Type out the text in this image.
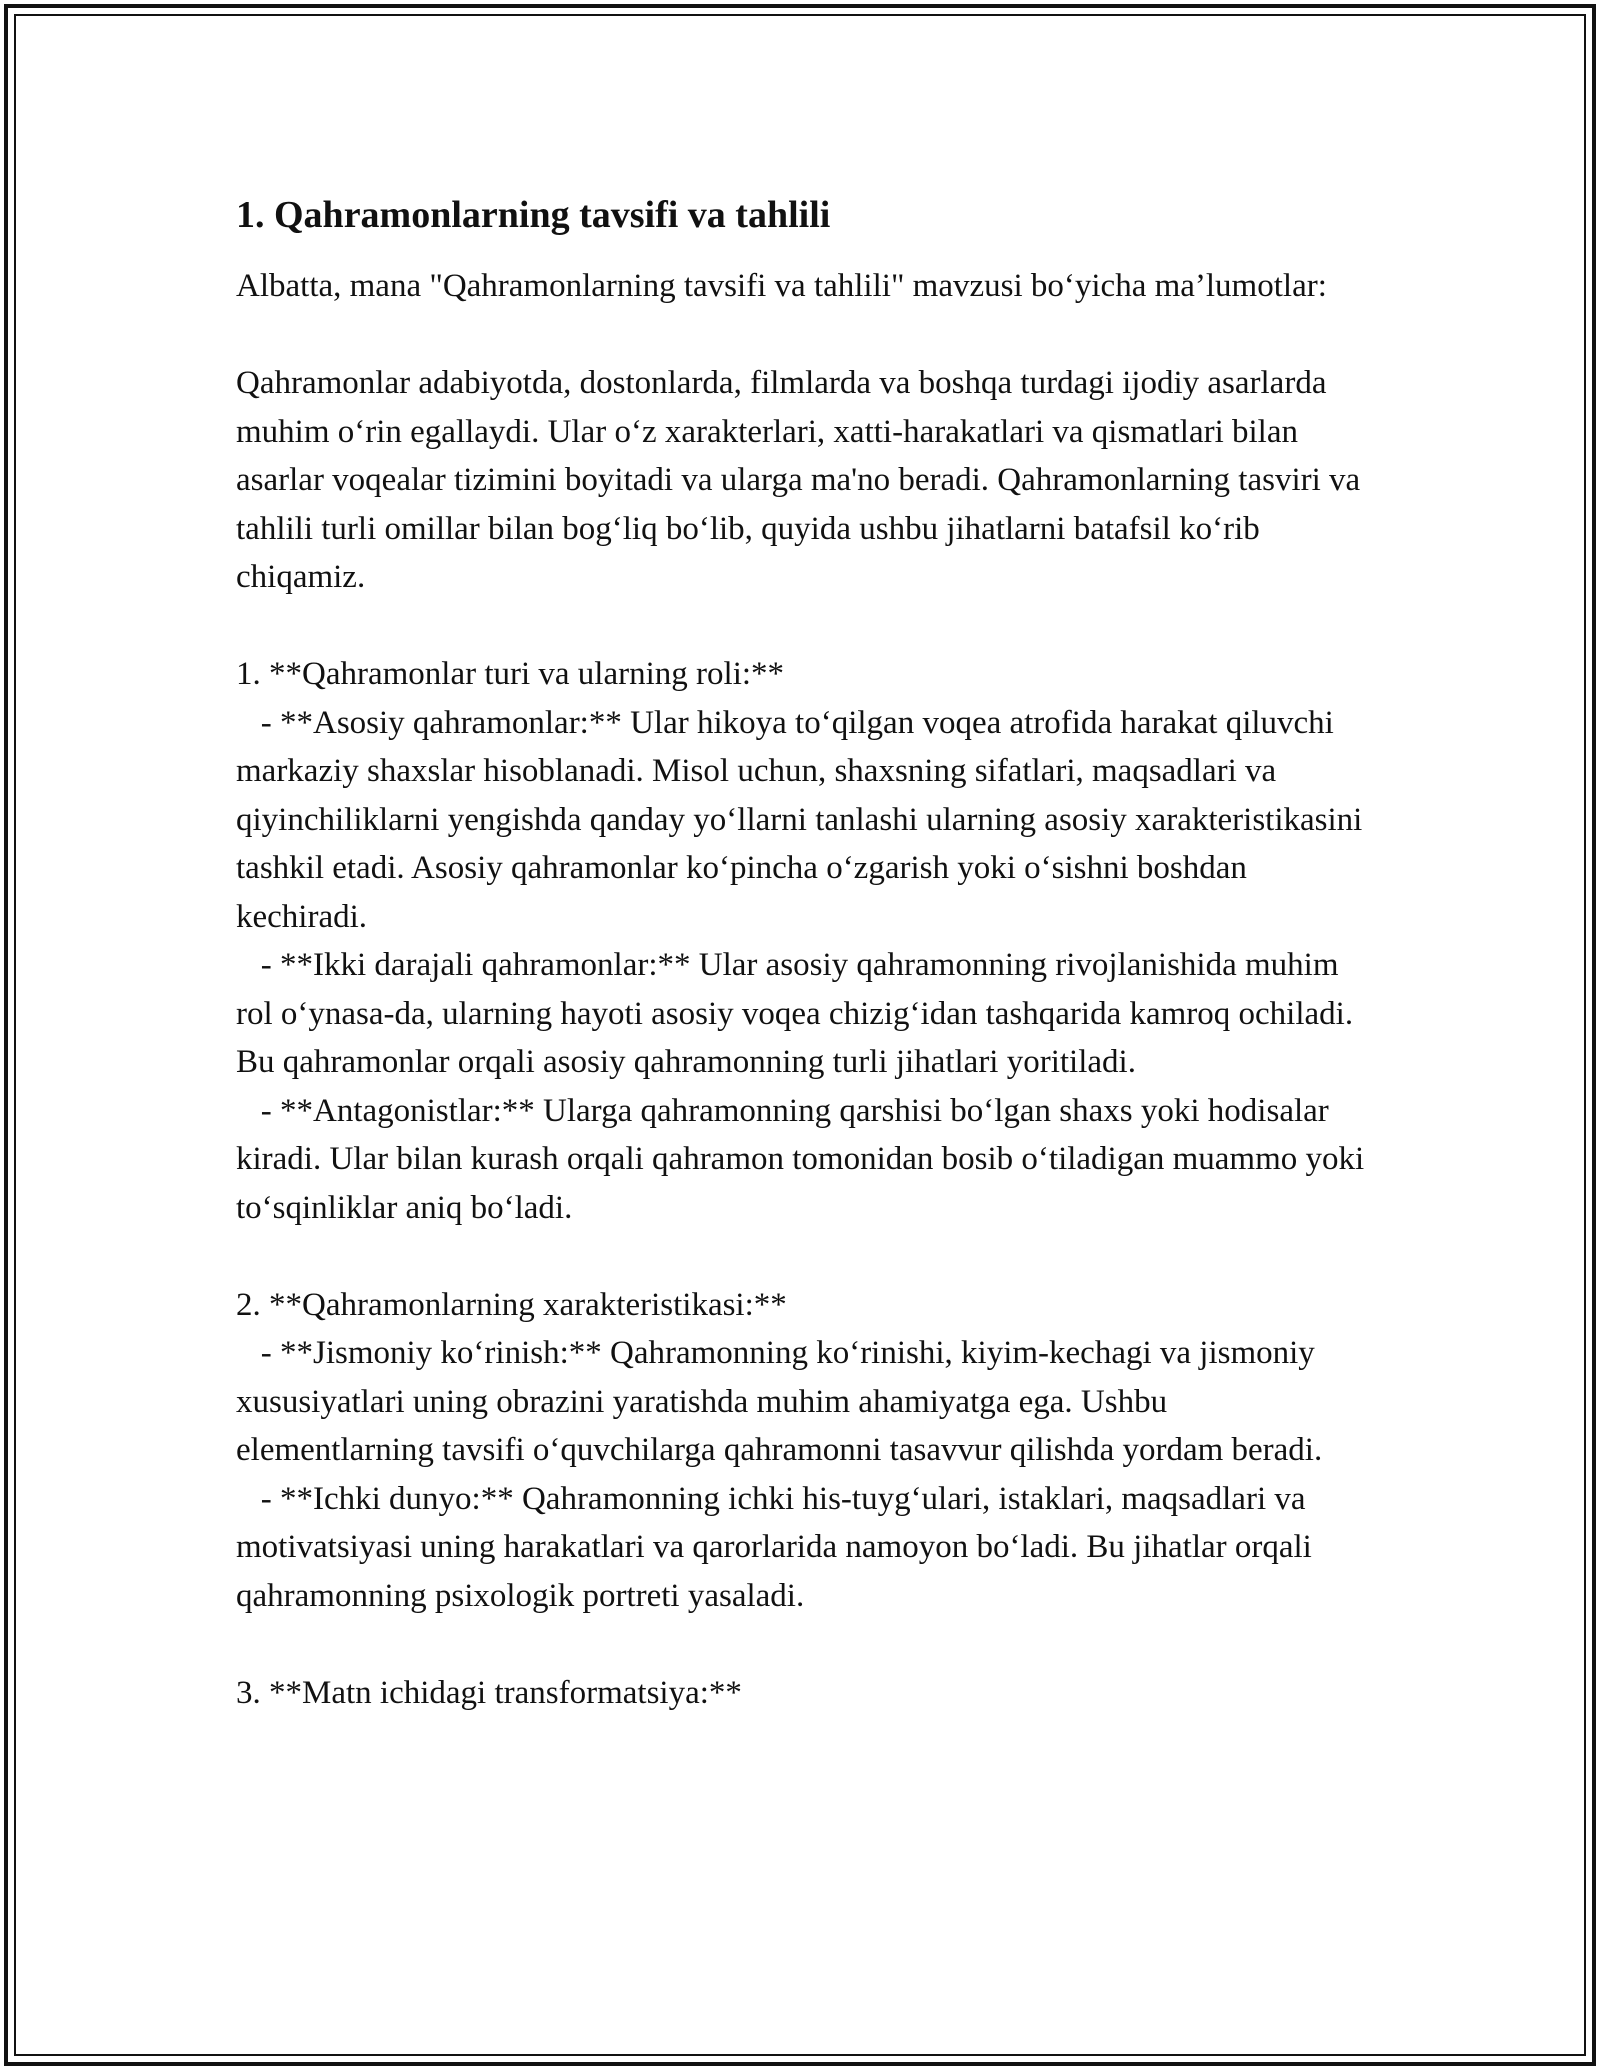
1. Qahramonlarning tavsifi va tahlili

Albatta, mana "Qahramonlarning tavsifi va tahlili" mavzusi bo‘yicha ma’lumotlar:

Qahramonlar adabiyotda, dostonlarda, filmlarda va boshqa turdagi ijodiy asarlarda muhim o‘rin egallaydi. Ular o‘z xarakterlari, xatti-harakatlari va qismatlari bilan asarlar voqealar tizimini boyitadi va ularga ma'no beradi. Qahramonlarning tasviri va tahlili turli omillar bilan bog‘liq bo‘lib, quyida ushbu jihatlarni batafsil ko‘rib chiqamiz.

1. **Qahramonlar turi va ularning roli:**

- **Asosiy qahramonlar:** Ular hikoya to‘qilgan voqea atrofida harakat qiluvchi markaziy shaxslar hisoblanadi. Misol uchun, shaxsning sifatlari, maqsadlari va qiyinchiliklarni yengishda qanday yo‘llarni tanlashi ularning asosiy xarakteristikasini tashkil etadi. Asosiy qahramonlar ko‘pincha o‘zgarish yoki o‘sishni boshdan kechiradi.

- **Ikki darajali qahramonlar:** Ular asosiy qahramonning rivojlanishida muhim rol o‘ynasa-da, ularning hayoti asosiy voqea chizig‘idan tashqarida kamroq ochiladi. Bu qahramonlar orqali asosiy qahramonning turli jihatlari yoritiladi.

- **Antagonistlar:** Ularga qahramonning qarshisi bo‘lgan shaxs yoki hodisalar kiradi. Ular bilan kurash orqali qahramon tomonidan bosib o‘tiladigan muammo yoki to‘sqinliklar aniq bo‘ladi.

2. **Qahramonlarning xarakteristikasi:**

- **Jismoniy ko‘rinish:** Qahramonning ko‘rinishi, kiyim-kechagi va jismoniy xususiyatlari uning obrazini yaratishda muhim ahamiyatga ega. Ushbu elementlarning tavsifi o‘quvchilarga qahramonni tasavvur qilishda yordam beradi.

- **Ichki dunyo:** Qahramonning ichki his-tuyg‘ulari, istaklari, maqsadlari va motivatsiyasi uning harakatlari va qarorlarida namoyon bo‘ladi. Bu jihatlar orqali qahramonning psixologik portreti yasaladi.

3. **Matn ichidagi transformatsiya:**
